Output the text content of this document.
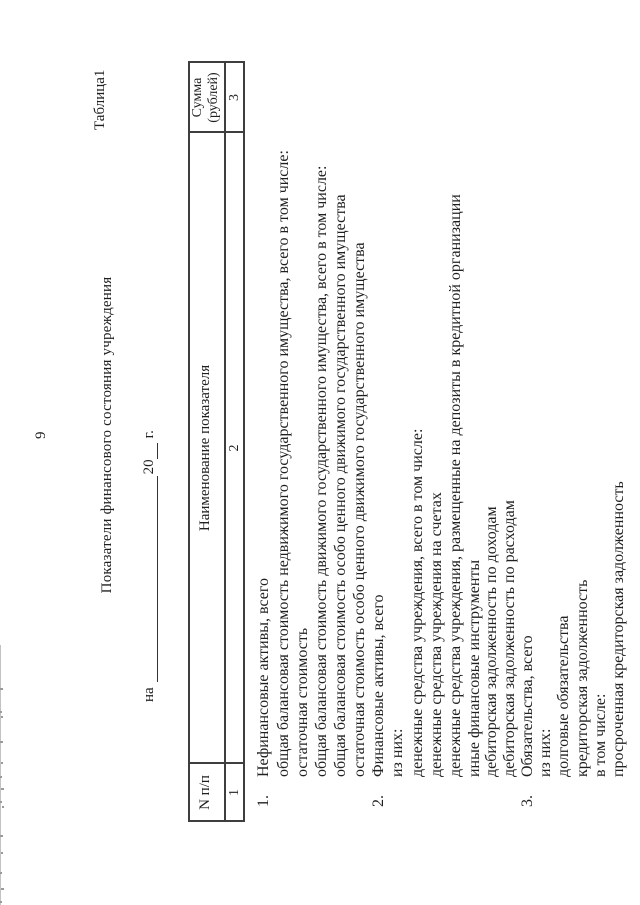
9
Таблица1
Показатели финансового состояния учреждения
на20г.
N п/п
Наименование показателя
Сумма (рублей)
1
2
3
1.
Нефинансовые активы, всего общая балансовая стоимость недвижимого государственного имущества, всего в том числе: остаточная стоимость общая балансовая стоимость движимого государственного имущества, всего в том числе: общая балансовая стоимость особо ценного движимого государственного имущества остаточная стоимость особо ценного движимого государственного имущества
2.
Финансовые активы, всего из них: денежные средства учреждения, всего в том числе: денежные средства учреждения на счетах денежные средства учреждения, размещенные на депозиты в кредитной организации иные финансовые инструменты дебиторская задолженность по доходам дебиторская задолженность по расходам
3.
Обязательства, всего из них: долговые обязательства кредиторская задолженность в том числе: просроченная кредиторская задолженность
